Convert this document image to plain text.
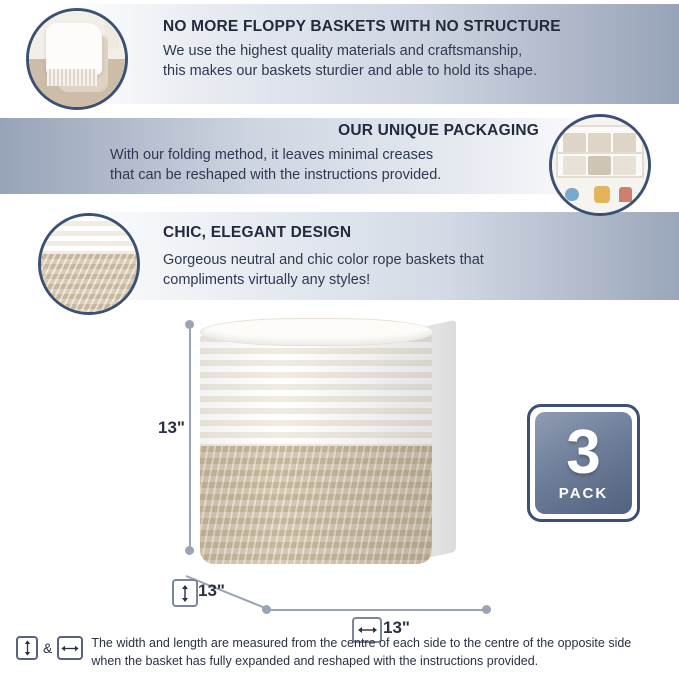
NO MORE FLOPPY BASKETS WITH NO STRUCTURE

We use the highest quality materials and craftsmanship,
this makes our baskets sturdier and able to hold its shape.

OUR UNIQUE PACKAGING

With our folding method, it leaves minimal creases
that can be reshaped with the instructions provided.

CHIC, ELEGANT DESIGN

Gorgeous neutral and chic color rope baskets that
compliments virtually any styles!

13"
13"
13"
3
PACK
&	The width and length are measured from the centre of each side to the centre of the opposite side
when the basket has fully expanded and reshaped with the instructions provided.
